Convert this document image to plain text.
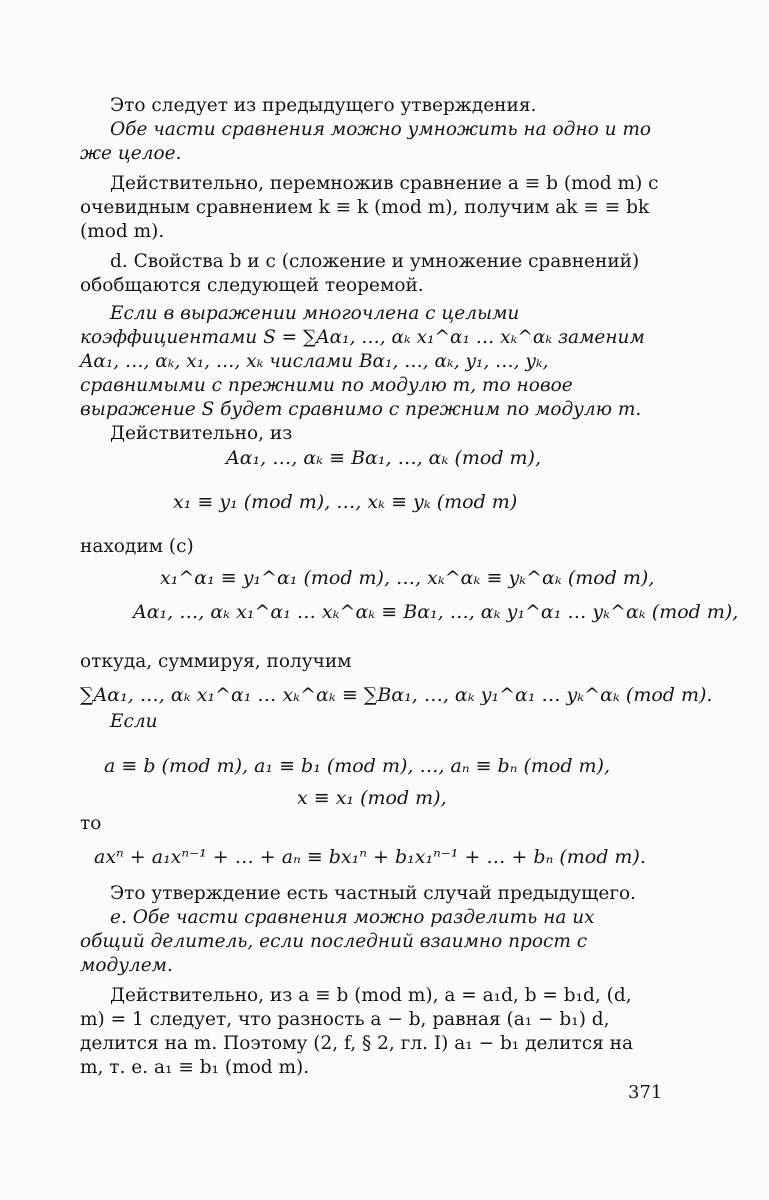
Это следует из предыдущего утверждения.

Обе части сравнения можно умножить на одно и то же целое.

Действительно, перемножив сравнение a ≡ b (mod m) с очевидным сравнением k ≡ k (mod m), получим ak ≡ ≡ bk (mod m).

d. Свойства b и c (сложение и умножение сравнений) обобщаются следующей теоремой.

Если в выражении многочлена с целыми коэффициентами S = ∑Aα₁, …, αₖ x₁^α₁ … xₖ^αₖ заменим Aα₁, …, αₖ, x₁, …, xₖ числами Bα₁, …, αₖ, y₁, …, yₖ, сравнимыми с прежними по модулю m, то новое выражение S будет сравнимо с прежним по модулю m.

Действительно, из

Aα₁, …, αₖ ≡ Bα₁, …, αₖ (mod m),
x₁ ≡ y₁ (mod m), …, xₖ ≡ yₖ (mod m)

находим (c)

x₁^α₁ ≡ y₁^α₁ (mod m), …, xₖ^αₖ ≡ yₖ^αₖ (mod m),
Aα₁, …, αₖ x₁^α₁ … xₖ^αₖ ≡ Bα₁, …, αₖ y₁^α₁ … yₖ^αₖ (mod m),

откуда, суммируя, получим

∑Aα₁, …, αₖ x₁^α₁ … xₖ^αₖ ≡ ∑Bα₁, …, αₖ y₁^α₁ … yₖ^αₖ (mod m).

Если

a ≡ b (mod m), a₁ ≡ b₁ (mod m), …, aₙ ≡ bₙ (mod m),
x ≡ x₁ (mod m),

то

axⁿ + a₁xⁿ⁻¹ + … + aₙ ≡ bx₁ⁿ + b₁x₁ⁿ⁻¹ + … + bₙ (mod m).

Это утверждение есть частный случай предыдущего.

e. Обе части сравнения можно разделить на их общий делитель, если последний взаимно прост с модулем.

Действительно, из a ≡ b (mod m), a = a₁d, b = b₁d, (d, m) = 1 следует, что разность a − b, равная (a₁ − b₁) d, делится на m. Поэтому (2, f, § 2, гл. I) a₁ − b₁ делится на m, т. е. a₁ ≡ b₁ (mod m).

371
